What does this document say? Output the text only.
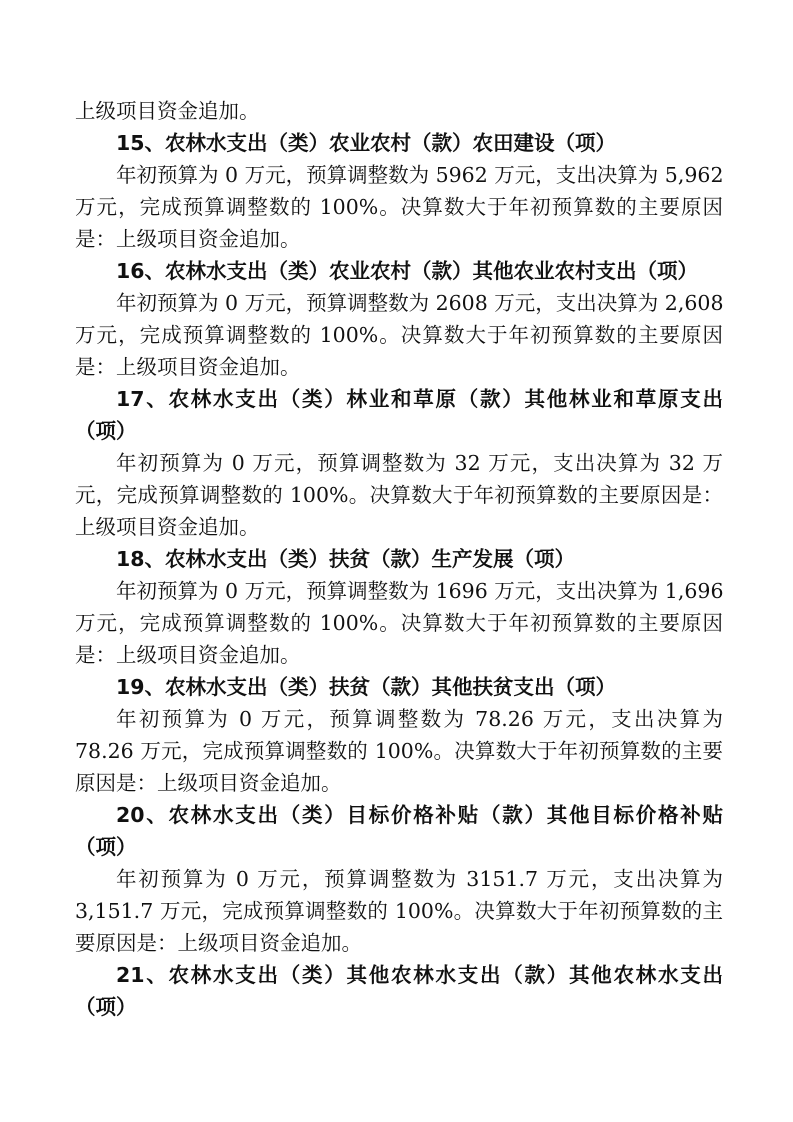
上级项目资金追加。
15、农林水支出（类）农业农村（款）农田建设（项）
年初预算为 0 万元，预算调整数为 5962 万元，支出决算为 5,962
万元，完成预算调整数的 100%。决算数大于年初预算数的主要原因
是：上级项目资金追加。
16、农林水支出（类）农业农村（款）其他农业农村支出（项）
年初预算为 0 万元，预算调整数为 2608 万元，支出决算为 2,608
万元，完成预算调整数的 100%。决算数大于年初预算数的主要原因
是：上级项目资金追加。
17、农林水支出（类）林业和草原（款）其他林业和草原支出
（项）
年初预算为 0 万元，预算调整数为 32 万元，支出决算为 32 万
元，完成预算调整数的 100%。决算数大于年初预算数的主要原因是：
上级项目资金追加。
18、农林水支出（类）扶贫（款）生产发展（项）
年初预算为 0 万元，预算调整数为 1696 万元，支出决算为 1,696
万元，完成预算调整数的 100%。决算数大于年初预算数的主要原因
是：上级项目资金追加。
19、农林水支出（类）扶贫（款）其他扶贫支出（项）
年初预算为 0 万元，预算调整数为 78.26 万元，支出决算为
78.26 万元，完成预算调整数的 100%。决算数大于年初预算数的主要
原因是：上级项目资金追加。
20、农林水支出（类）目标价格补贴（款）其他目标价格补贴
（项）
年初预算为 0 万元，预算调整数为 3151.7 万元，支出决算为
3,151.7 万元，完成预算调整数的 100%。决算数大于年初预算数的主
要原因是：上级项目资金追加。
21、农林水支出（类）其他农林水支出（款）其他农林水支出
（项）
